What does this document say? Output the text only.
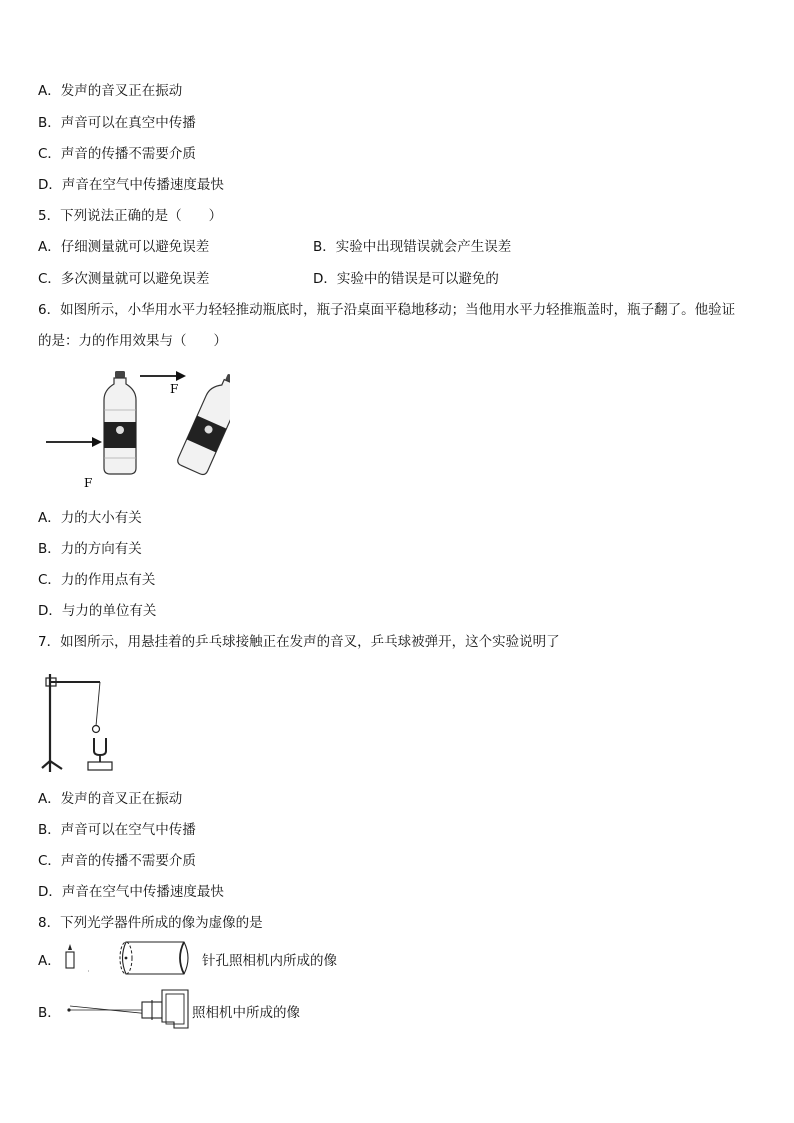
A．发声的音叉正在振动
B．声音可以在真空中传播
C．声音的传播不需要介质
D．声音在空气中传播速度最快
5．下列说法正确的是（　　）
A．仔细测量就可以避免误差	B．实验中出现错误就会产生误差
C．多次测量就可以避免误差	D．实验中的错误是可以避免的
6．如图所示，小华用水平力轻轻推动瓶底时，瓶子沿桌面平稳地移动；当他用水平力轻推瓶盖时，瓶子翻了。他验证
的是：力的作用效果与（　　）
F
F
A．力的大小有关
B．力的方向有关
C．力的作用点有关
D．与力的单位有关
7．如图所示，用悬挂着的乒乓球接触正在发声的音叉，乒乓球被弹开，这个实验说明了
A．发声的音叉正在振动
B．声音可以在空气中传播
C．声音的传播不需要介质
D．声音在空气中传播速度最快
8．下列光学器件所成的像为虚像的是
A．	针孔照相机内所成的像
B．	照相机中所成的像
